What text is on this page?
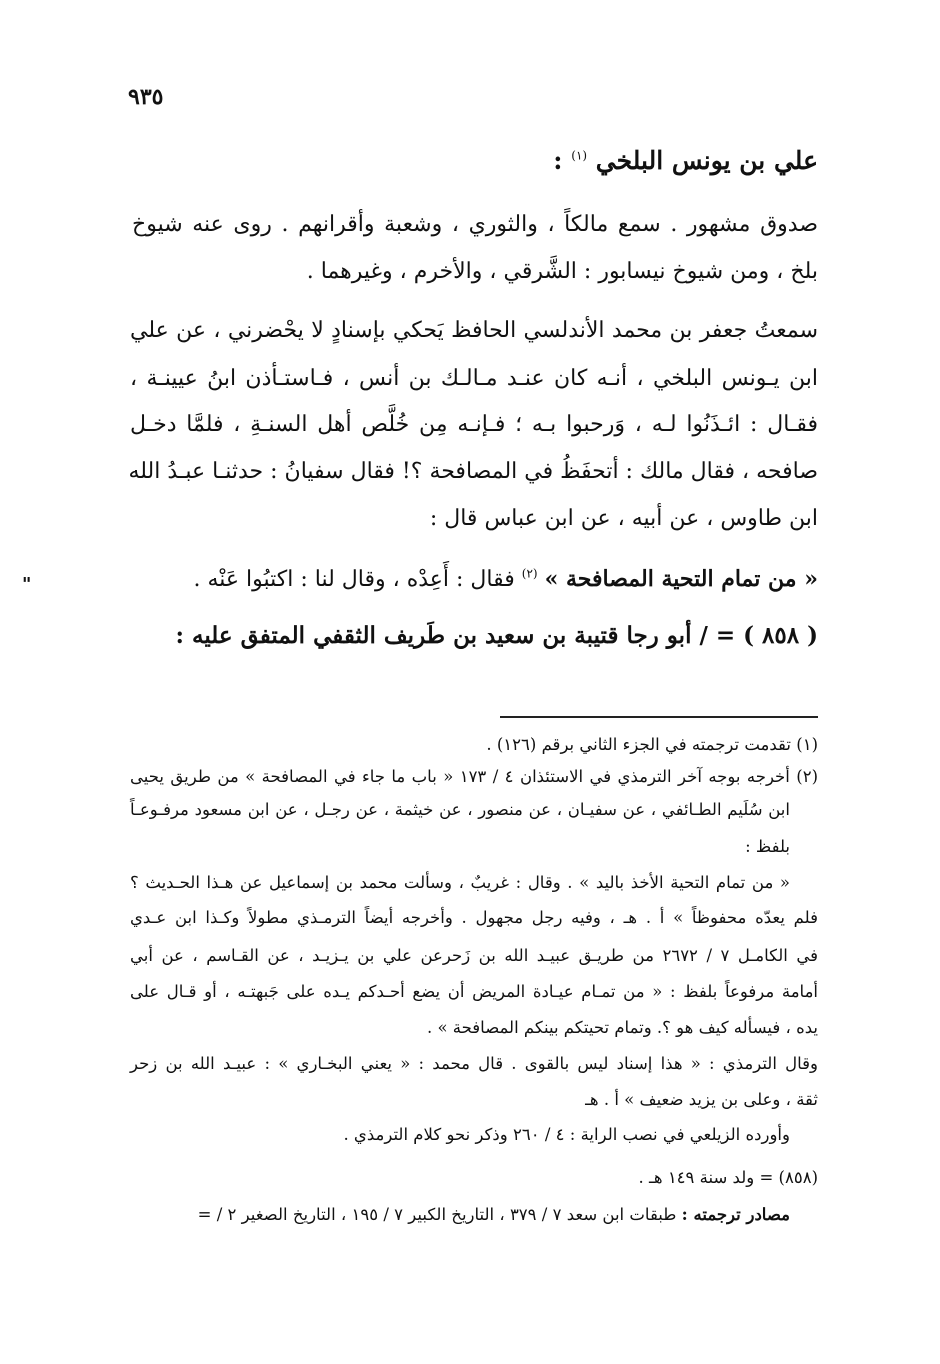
٩٣٥
علي بن يونس البلخي $^{(١)}$ :
صدوق مشهور . سمع مالكاً ، والثوري ، وشعبة وأقرانهم . روى عنه شيوخ
بلخ ، ومن شيوخ نيسابور : الشَّرقي ، والأخرم ، وغيرهما .
سمعتُ جعفر بن محمد الأندلسي الحافظ يَحكي بإسنادٍ لا يحْضرني ، عن علي
ابن يـونس البلخي ، أنـه كان عنـد مـالـك بن أنس ، فـاستـأذن ابنُ عيينـة ،
فقـال : ائـذَنُوا لـه ، وَرحبوا بـه ؛ فـإنـه مِن خُلَّص أهل السنـةِ ، فلمَّا دخـل
صافحه ، فقال مالك : أتحفَظُ في المصافحة ؟! فقال سفيانُ : حدثنـا عبـدُ الله
ابن طاوس ، عن أبيه ، عن ابن عباس قال :
« من تمام التحية المصافحة » $^{(٢)}$ فقال : أَعِدْه ، وقال لنا : اكتبُوا عَنْه .
"
( ٨٥٨ ) = / أبو رجا قتيبة بن سعيد بن طَريف الثقفي المتفق عليه :
(١) تقدمت ترجمته في الجزء الثاني برقم (١٢٦) .
(٢) أخرجه بوجه آخر الترمذي في الاستئذان ٤ / ١٧٣ « باب ما جاء في المصافحة » من طريق يحيى
ابن سُلَيم الطـائفي ، عن سفيـان ، عن منصور ، عن خيثمة ، عن رجـل ، عن ابن مسعود مرفـوعـاً
بلفظ :
« من تمام التحية الأخذ باليد » . وقال : غريبٌ ، وسألت محمد بن إسماعيل عن هـذا الحـديث ؟
فلم يعدّه محفوظاً » أ . هـ ، وفيه رجل مجهول . وأخرجه أيضاً الترمـذي مطولاً وكـذا ابن عـدي
في الكامـل ٧ / ٢٦٧٢ من طريـق عبيـد الله بن زَحرعن علي بن يـزيـد ، عن القـاسم ، عن أبي
أمامة مرفوعاً بلفظ : « من تمـام عيـادة المريض أن يضع أحـدكم يـده على جَبهتـه ، أو قـال على
يده ، فيسأله كيف هو ؟. وتمام تحيتكم بينكم المصافحة » .
وقال الترمذي : « هذا إسناد ليس بالقوى . قال محمد : « يعني البخـاري » : عبيـد الله بن زحر
ثقة ، وعلى بن يزيد ضعيف » أ . هـ
وأورده الزيلعي في نصب الراية : ٤ / ٢٦٠ وذكر نحو كلام الترمذي .
(٨٥٨) = ولد سنة ١٤٩ هـ .
مصادر ترجمته : طبقات ابن سعد ٧ / ٣٧٩ ، التاريخ الكبير ٧ / ١٩٥ ، التاريخ الصغير ٢ / =
